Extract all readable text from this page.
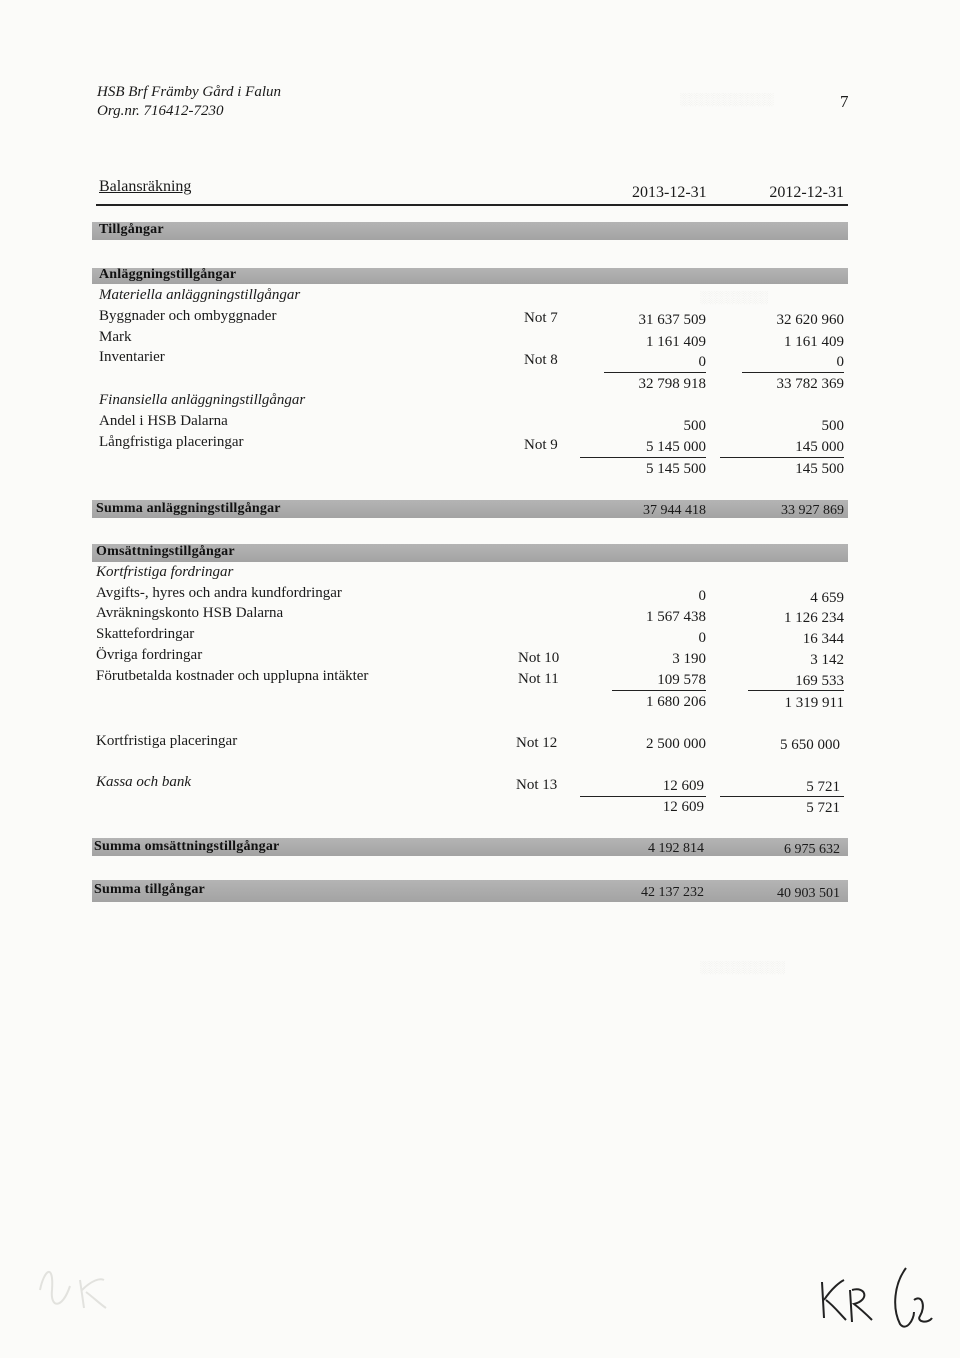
░░░░░░░░░░░
░░░░░░░░
░░░░░░░░░░
HSB Brf Främby Gård i Falun
Org.nr. 716412-7230	7
Balansräkning	2013-12-31	2012-12-31
Tillgångar
Anläggningstillgångar
Materiella anläggningstillgångar
Byggnader och ombyggnader	Not 7	31 637 509	32 620 960
Mark	1 161 409	1 161 409
Inventarier	Not 8	0	0
32 798 918	33 782 369
Finansiella anläggningstillgångar
Andel i HSB Dalarna	500	500
Långfristiga placeringar	Not 9	5 145 000	145 000
5 145 500	145 500
Summa anläggningstillgångar	37 944 418	33 927 869
Omsättningstillgångar
Kortfristiga fordringar
Avgifts-, hyres och andra kundfordringar	0	4 659
Avräkningskonto HSB Dalarna	1 567 438	1 126 234
Skattefordringar	0	16 344
Övriga fordringar	Not 10	3 190	3 142
Förutbetalda kostnader och upplupna intäkter	Not 11	109 578	169 533
1 680 206	1 319 911
Kortfristiga placeringar	Not 12	2 500 000	5 650 000
Kassa och bank	Not 13	12 609	5 721
12 609	5 721
Summa omsättningstillgångar	4 192 814	6 975 632
Summa tillgångar	42 137 232	40 903 501
